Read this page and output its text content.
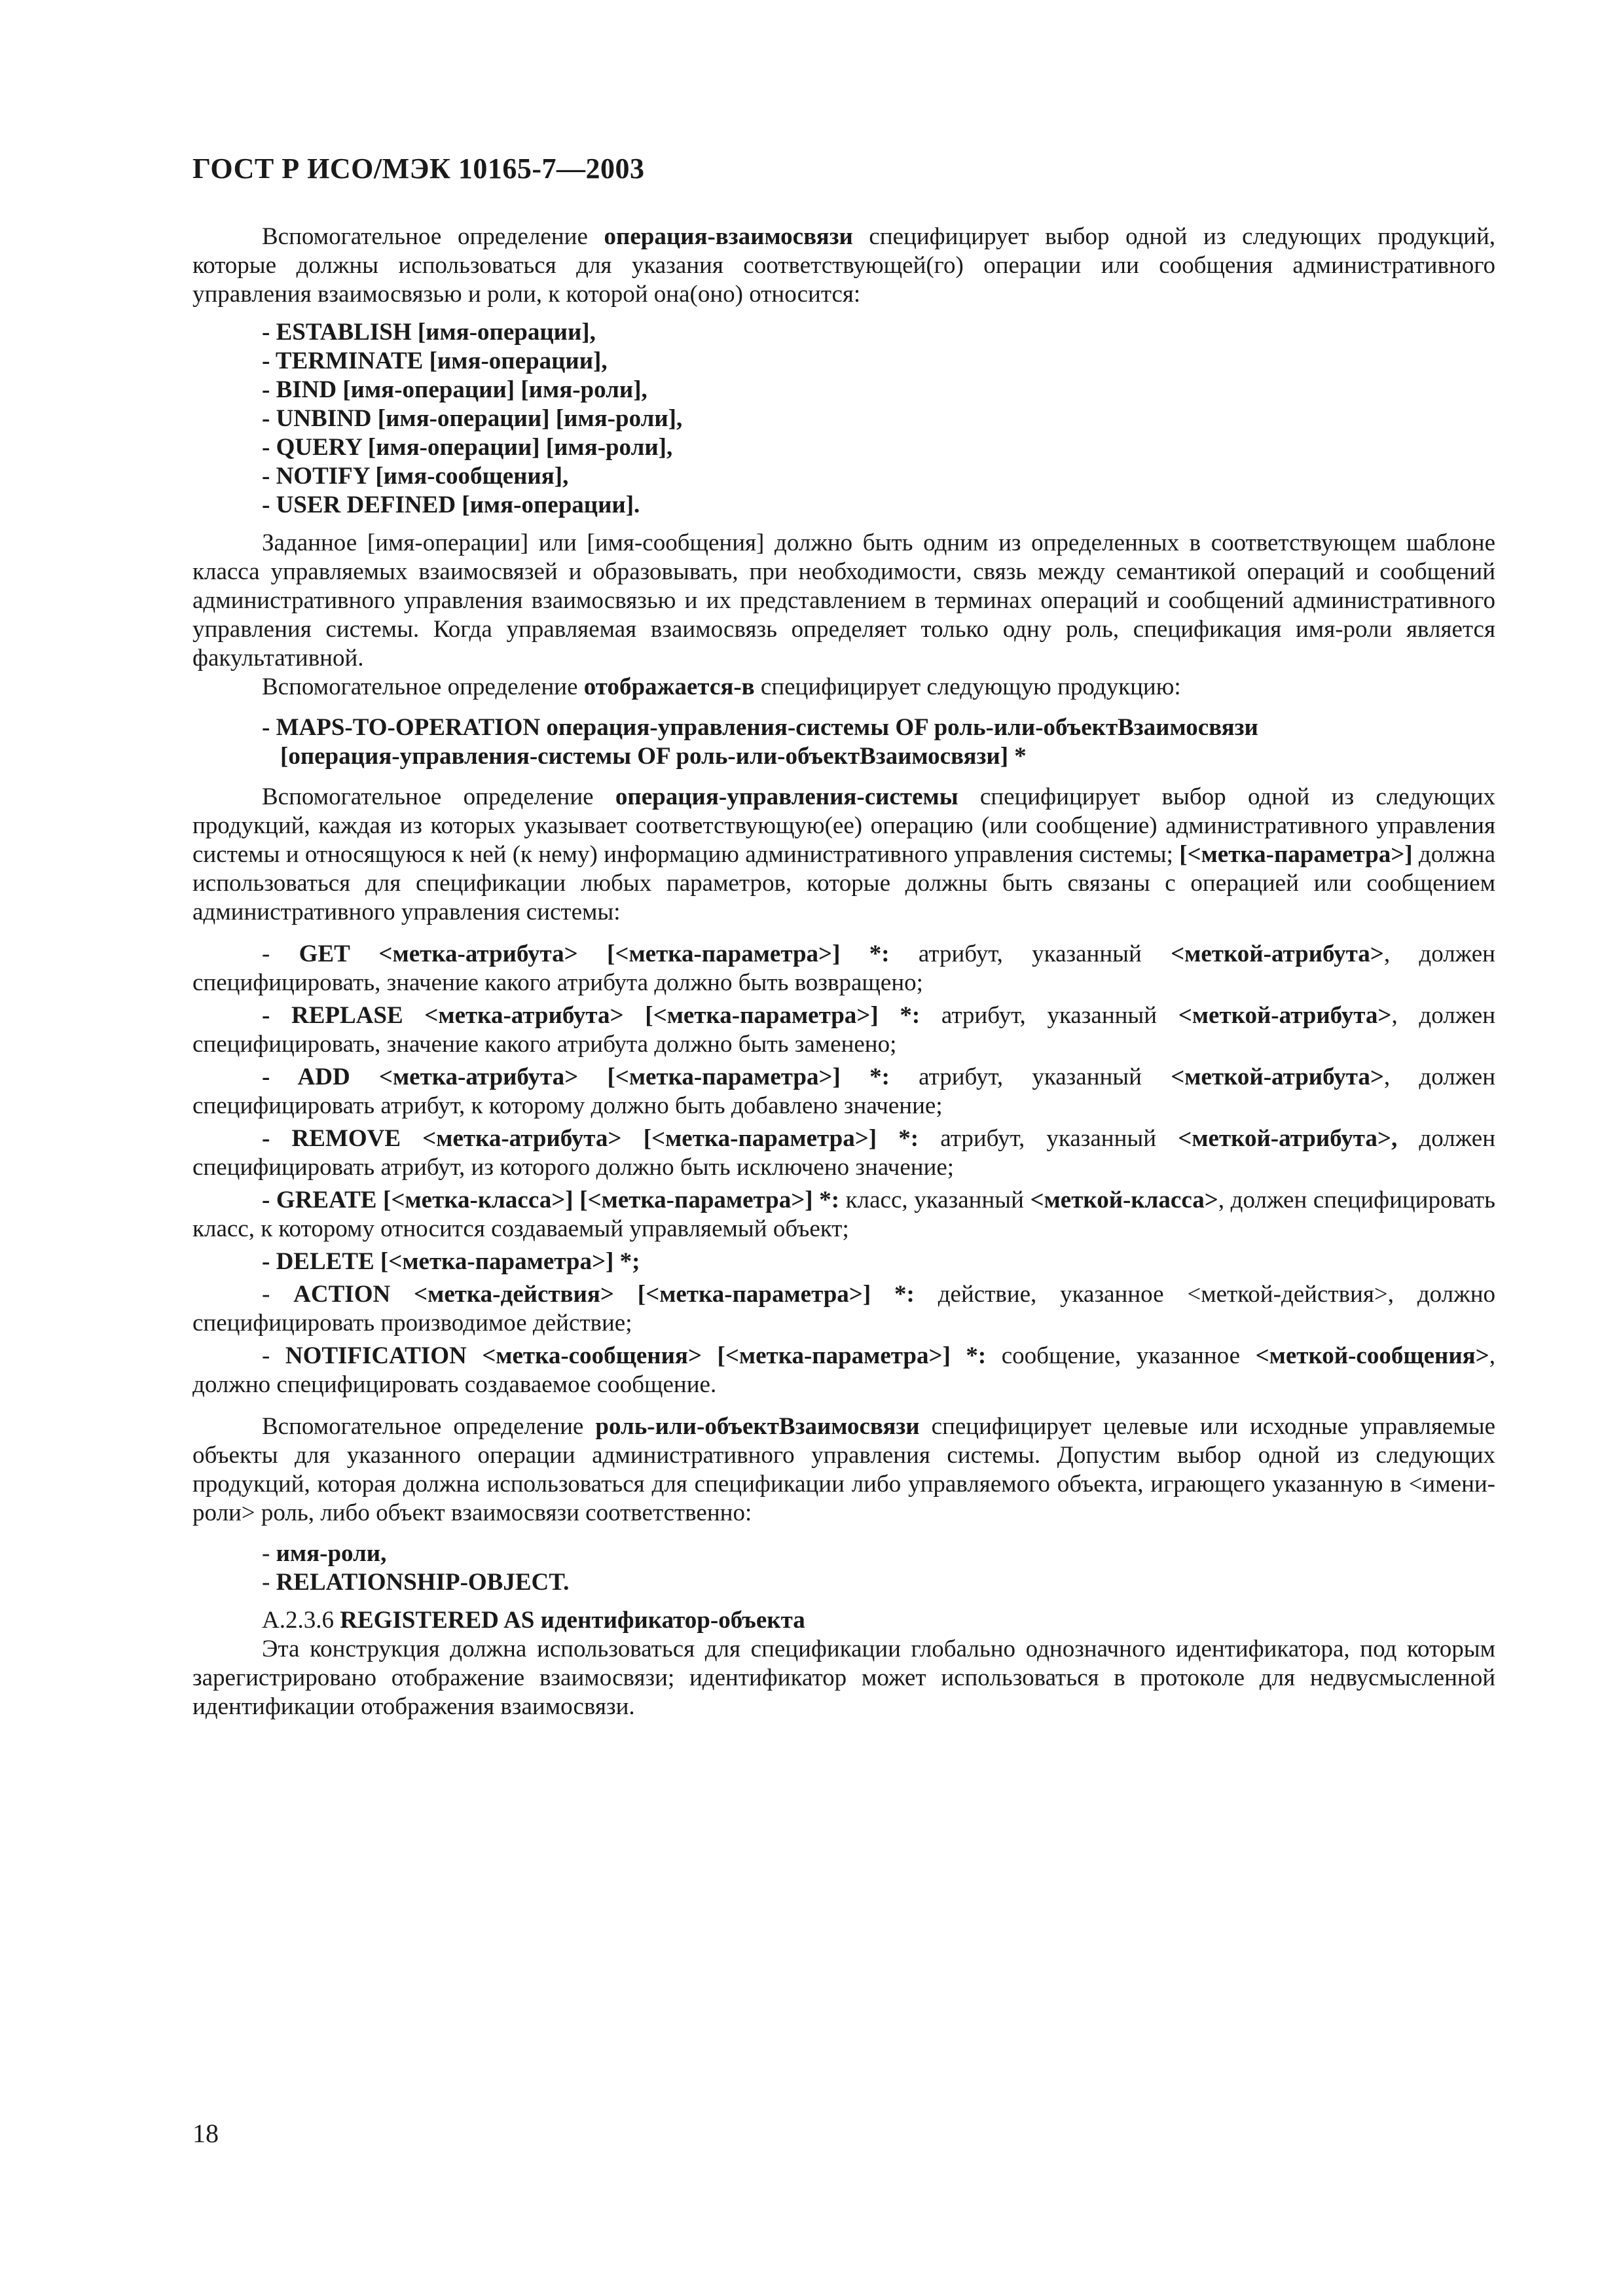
ГОСТ Р ИСО/МЭК 10165-7—2003

Вспомогательное определение операция-взаимосвязи специфицирует выбор одной из следующих продукций, которые должны использоваться для указания соответствующей(го) операции или сообщения административного управления взаимосвязью и роли, к которой она(оно) относится:

- ESTABLISH [имя-операции],
- TERMINATE [имя-операции],
- BIND [имя-операции] [имя-роли],
- UNBIND [имя-операции] [имя-роли],
- QUERY [имя-операции] [имя-роли],
- NOTIFY [имя-сообщения],
- USER DEFINED [имя-операции].

Заданное [имя-операции] или [имя-сообщения] должно быть одним из определенных в соответствующем шаблоне класса управляемых взаимосвязей и образовывать, при необходимости, связь между семантикой операций и сообщений административного управления взаимосвязью и их представлением в терминах операций и сообщений административного управления системы. Когда управляемая взаимосвязь определяет только одну роль, спецификация имя-роли является факультативной.

Вспомогательное определение отображается-в специфицирует следующую продукцию:

- MAPS-TO-OPERATION операция-управления-системы OF роль-или-объектВзаимосвязи
[операция-управления-системы OF роль-или-объектВзаимосвязи] *

Вспомогательное определение операция-управления-системы специфицирует выбор одной из следующих продукций, каждая из которых указывает соответствующую(ее) операцию (или сообщение) административного управления системы и относящуюся к ней (к нему) информацию административного управления системы; [<метка-параметра>] должна использоваться для спецификации любых параметров, которые должны быть связаны с операцией или сообщением административного управления системы:

- GET <метка-атрибута> [<метка-параметра>] *: атрибут, указанный <меткой-атрибута>, должен специфицировать, значение какого атрибута должно быть возвращено;

- REPLASE <метка-атрибута> [<метка-параметра>] *: атрибут, указанный <меткой-атрибута>, должен специфицировать, значение какого атрибута должно быть заменено;

- ADD <метка-атрибута> [<метка-параметра>] *: атрибут, указанный <меткой-атрибута>, должен специфицировать атрибут, к которому должно быть добавлено значение;

- REMOVE <метка-атрибута> [<метка-параметра>] *: атрибут, указанный <меткой-атрибута>, должен специфицировать атрибут, из которого должно быть исключено значение;

- GREATE [<метка-класса>] [<метка-параметра>] *: класс, указанный <меткой-класса>, должен специфицировать класс, к которому относится создаваемый управляемый объект;

- DELETE [<метка-параметра>] *;

- ACTION <метка-действия> [<метка-параметра>] *: действие, указанное <меткой-действия>, должно специфицировать производимое действие;

- NOTIFICATION <метка-сообщения> [<метка-параметра>] *: сообщение, указанное <меткой-сообщения>, должно специфицировать создаваемое сообщение.

Вспомогательное определение роль-или-объектВзаимосвязи специфицирует целевые или исходные управляемые объекты для указанного операции административного управления системы. Допустим выбор одной из следующих продукций, которая должна использоваться для спецификации либо управляемого объекта, играющего указанную в <имени-роли> роль, либо объект взаимосвязи соответственно:

- имя-роли,
- RELATIONSHIP-OBJECT.
A.2.3.6 REGISTERED AS идентификатор-объекта

Эта конструкция должна использоваться для спецификации глобально однозначного идентификатора, под которым зарегистрировано отображение взаимосвязи; идентификатор может использоваться в протоколе для недвусмысленной идентификации отображения взаимосвязи.

18
